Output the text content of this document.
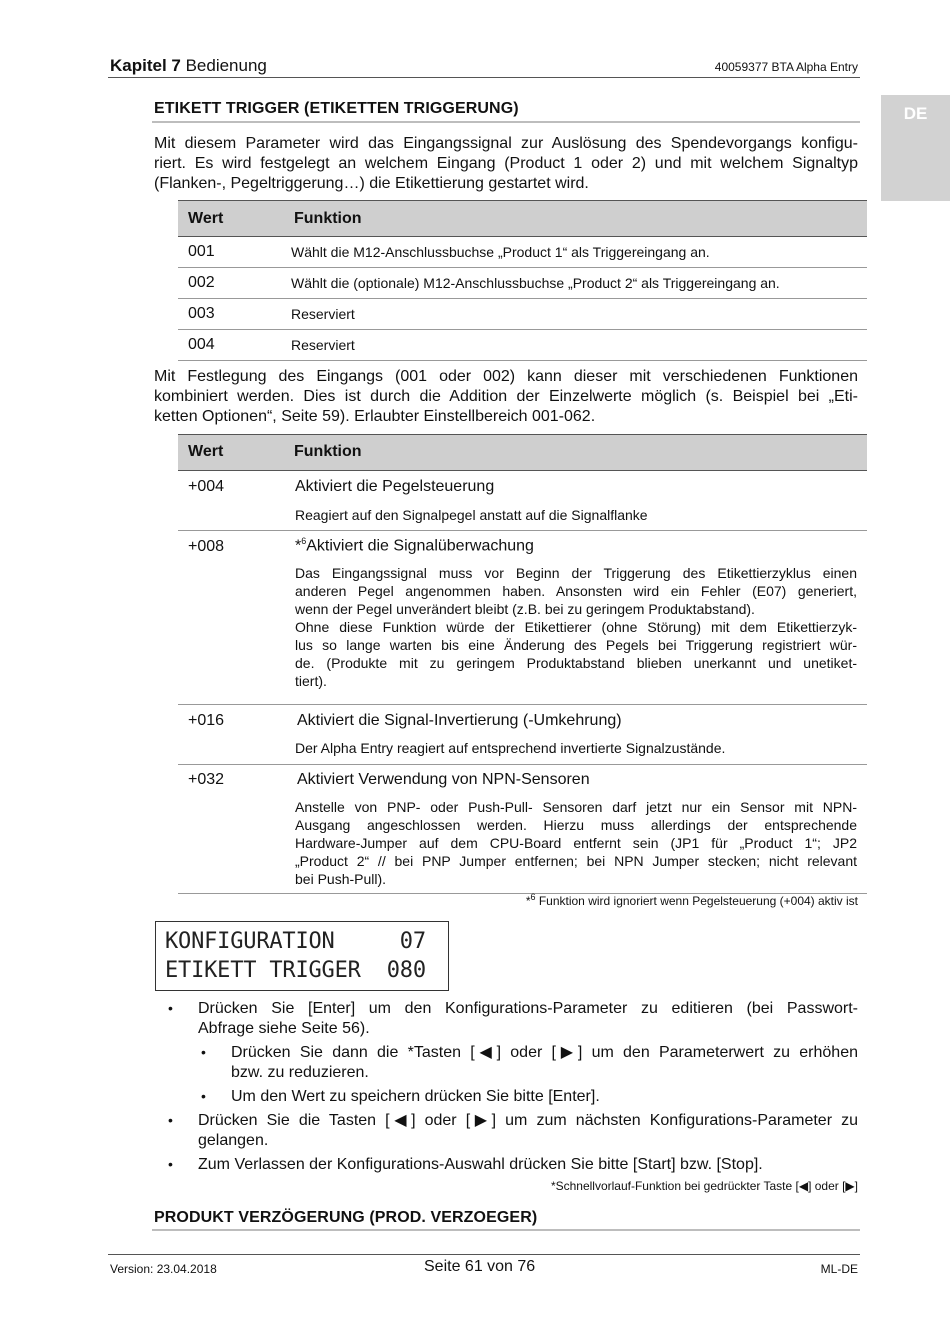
Kapitel 7 Bedienung	40059377 BTA Alpha Entry
DE
ETIKETT TRIGGER (ETIKETTEN TRIGGERUNG)
Mit diesem Parameter wird das Eingangssignal zur Auslösung des Spendevorgangs konfigu-
riert. Es wird festgelegt an welchem Eingang (Product 1 oder 2) und mit welchem Signaltyp
(Flanken-, Pegeltriggerung…) die Etikettierung gestartet wird.
Wert	Funktion
001	Wählt die M12-Anschlussbuchse „Product 1“ als Triggereingang an.
002	Wählt die (optionale) M12-Anschlussbuchse „Product 2“ als Triggereingang an.
003	Reserviert
004	Reserviert
Mit Festlegung des Eingangs (001 oder 002) kann dieser mit verschiedenen Funktionen
kombiniert werden. Dies ist durch die Addition der Einzelwerte möglich (s. Beispiel bei „Eti-
ketten Optionen“, Seite 59). Erlaubter Einstellbereich 001-062.
Wert	Funktion
+004	Aktiviert die Pegelsteuerung
Reagiert auf den Signalpegel anstatt auf die Signalflanke
+008	*$^6$Aktiviert die Signalüberwachung
Das Eingangssignal muss vor Beginn der Triggerung des Etikettierzyklus einen
anderen Pegel angenommen haben. Ansonsten wird ein Fehler (E07) generiert,
wenn der Pegel unverändert bleibt (z.B. bei zu geringem Produktabstand).
Ohne diese Funktion würde der Etikettierer (ohne Störung) mit dem Etikettierzyk-
lus so lange warten bis eine Änderung des Pegels bei Triggerung registriert wür-
de. (Produkte mit zu geringem Produktabstand blieben unerkannt und unetiket-
tiert).
+016	Aktiviert die Signal-Invertierung (-Umkehrung)
Der Alpha Entry reagiert auf entsprechend invertierte Signalzustände.
+032	Aktiviert Verwendung von NPN-Sensoren
Anstelle von PNP- oder Push-Pull- Sensoren darf jetzt nur ein Sensor mit NPN-
Ausgang angeschlossen werden. Hierzu muss allerdings der entsprechende
Hardware-Jumper auf dem CPU-Board entfernt sein (JP1 für „Product 1“; JP2
„Product 2“ // bei PNP Jumper entfernen; bei NPN Jumper stecken; nicht relevant
bei Push-Pull).
*$^6$ Funktion wird ignoriert wenn Pegelsteuerung (+004) aktiv ist
KONFIGURATION     07
ETIKETT TRIGGER  080
• Drücken Sie [Enter] um den Konfigurations-Parameter zu editieren (bei Passwort-
Abfrage siehe Seite 56).
• Drücken Sie dann die *Tasten [◀] oder [▶] um den Parameterwert zu erhöhen
bzw. zu reduzieren.
• Um den Wert zu speichern drücken Sie bitte [Enter].
• Drücken Sie die Tasten [◀] oder [▶] um zum nächsten Konfigurations-Parameter zu
gelangen.
• Zum Verlassen der Konfigurations-Auswahl drücken Sie bitte [Start] bzw. [Stop].
*Schnellvorlauf-Funktion bei gedrückter Taste [◀] oder [▶]
PRODUKT VERZÖGERUNG (PROD. VERZOEGER)
Version: 23.04.2018	Seite 61 von 76	ML-DE
